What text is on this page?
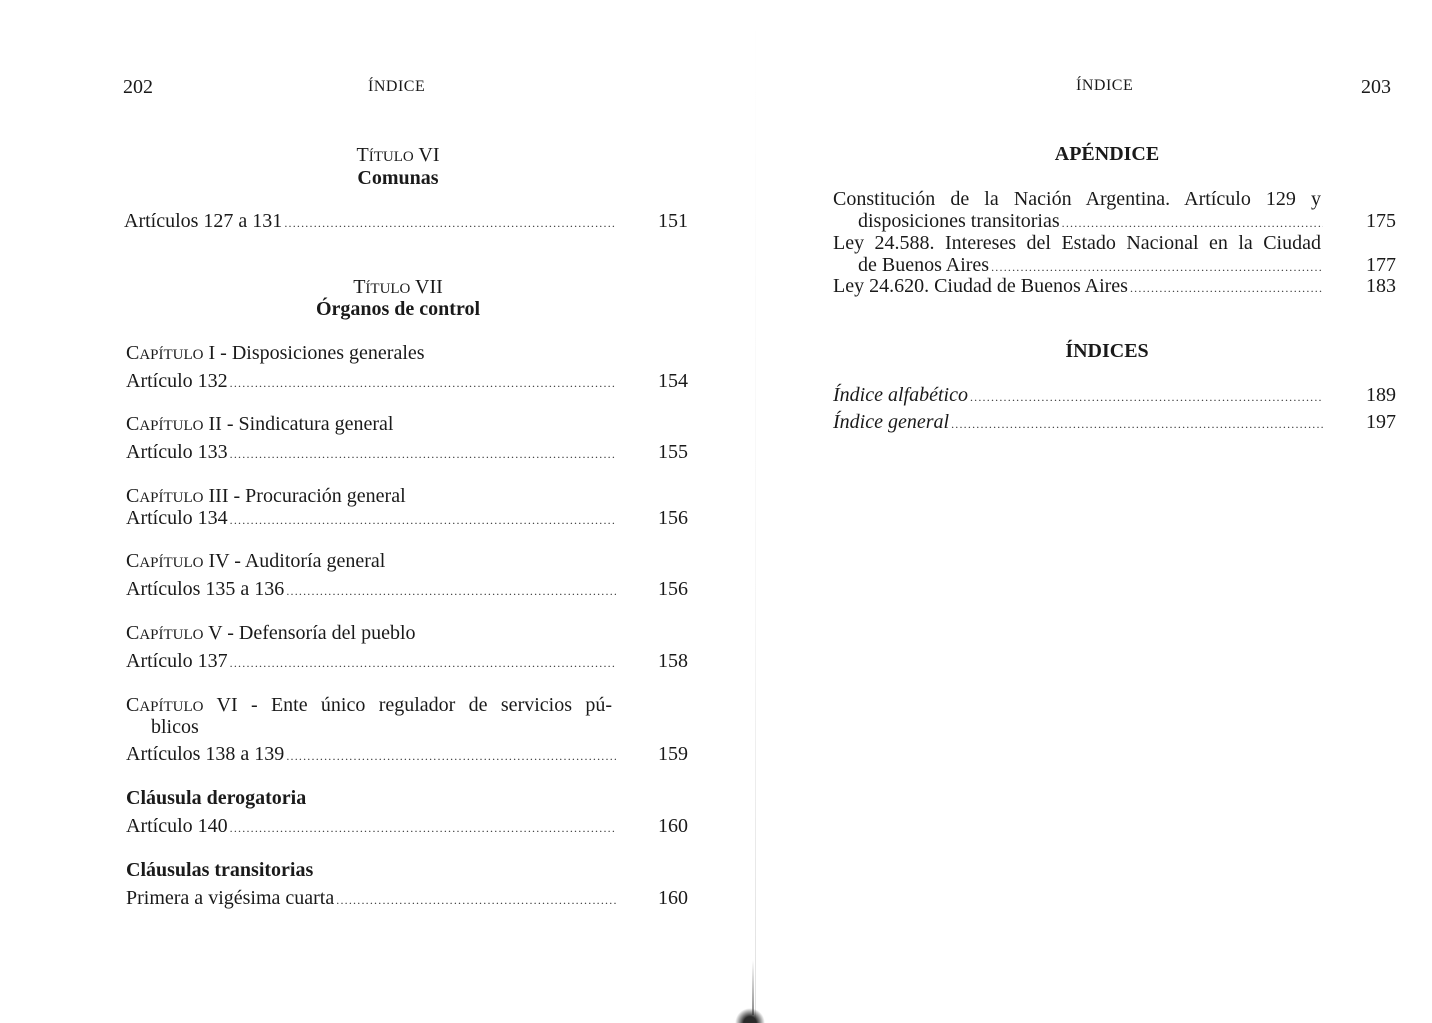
202	ÍNDICE
TÍTULO VI
Comunas
Artículos 127 a 131 .....	151
TÍTULO VII
Órganos de control
CAPÍTULO I - Disposiciones generales
Artículo 132 .....	154
CAPÍTULO II - Sindicatura general
Artículo 133 .....	155
CAPÍTULO III - Procuración general
Artículo 134 .....	156
CAPÍTULO IV - Auditoría general
Artículos 135 a 136 .....	156
CAPÍTULO V - Defensoría del pueblo
Artículo 137 .....	158
CAPÍTULO VI - Ente único regulador de servicios pú-
blicos
Artículos 138 a 139 .....	159
Cláusula derogatoria
Artículo 140 .....	160
Cláusulas transitorias
Primera a vigésima cuarta .....	160
ÍNDICE	203
APÉNDICE
Constitución de la Nación Argentina. Artículo 129 y
disposiciones transitorias .....	175
Ley 24.588. Intereses del Estado Nacional en la Ciudad
de Buenos Aires .....	177
Ley 24.620. Ciudad de Buenos Aires .....	183
ÍNDICES
Índice alfabético .....	189
Índice general .....	197
